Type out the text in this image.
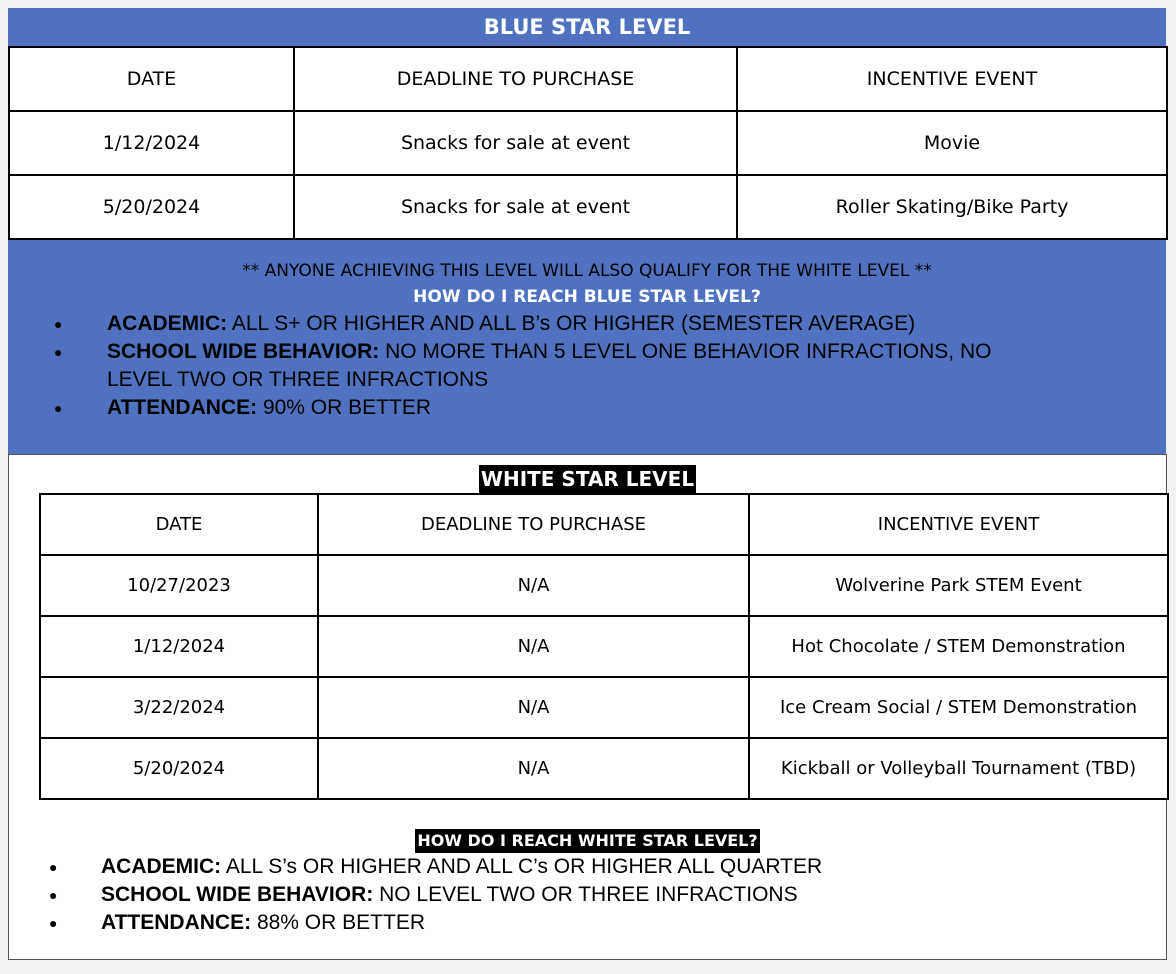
BLUE STAR LEVEL
DATE	DEADLINE TO PURCHASE	INCENTIVE EVENT
1/12/2024	Snacks for sale at event	Movie
5/20/2024	Snacks for sale at event	Roller Skating/Bike Party
** ANYONE ACHIEVING THIS LEVEL WILL ALSO QUALIFY FOR THE WHITE LEVEL **
HOW DO I REACH BLUE STAR LEVEL?
● ACADEMIC: ALL S+ OR HIGHER AND ALL B’s OR HIGHER (SEMESTER AVERAGE)
● SCHOOL WIDE BEHAVIOR: NO MORE THAN 5 LEVEL ONE BEHAVIOR INFRACTIONS, NO
LEVEL TWO OR THREE INFRACTIONS
● ATTENDANCE: 90% OR BETTER
WHITE STAR LEVEL
DATE	DEADLINE TO PURCHASE	INCENTIVE EVENT
10/27/2023	N/A	Wolverine Park STEM Event
1/12/2024	N/A	Hot Chocolate / STEM Demonstration
3/22/2024	N/A	Ice Cream Social / STEM Demonstration
5/20/2024	N/A	Kickball or Volleyball Tournament (TBD)
HOW DO I REACH WHITE STAR LEVEL?
● ACADEMIC: ALL S’s OR HIGHER AND ALL C’s OR HIGHER ALL QUARTER
● SCHOOL WIDE BEHAVIOR: NO LEVEL TWO OR THREE INFRACTIONS
● ATTENDANCE: 88% OR BETTER
